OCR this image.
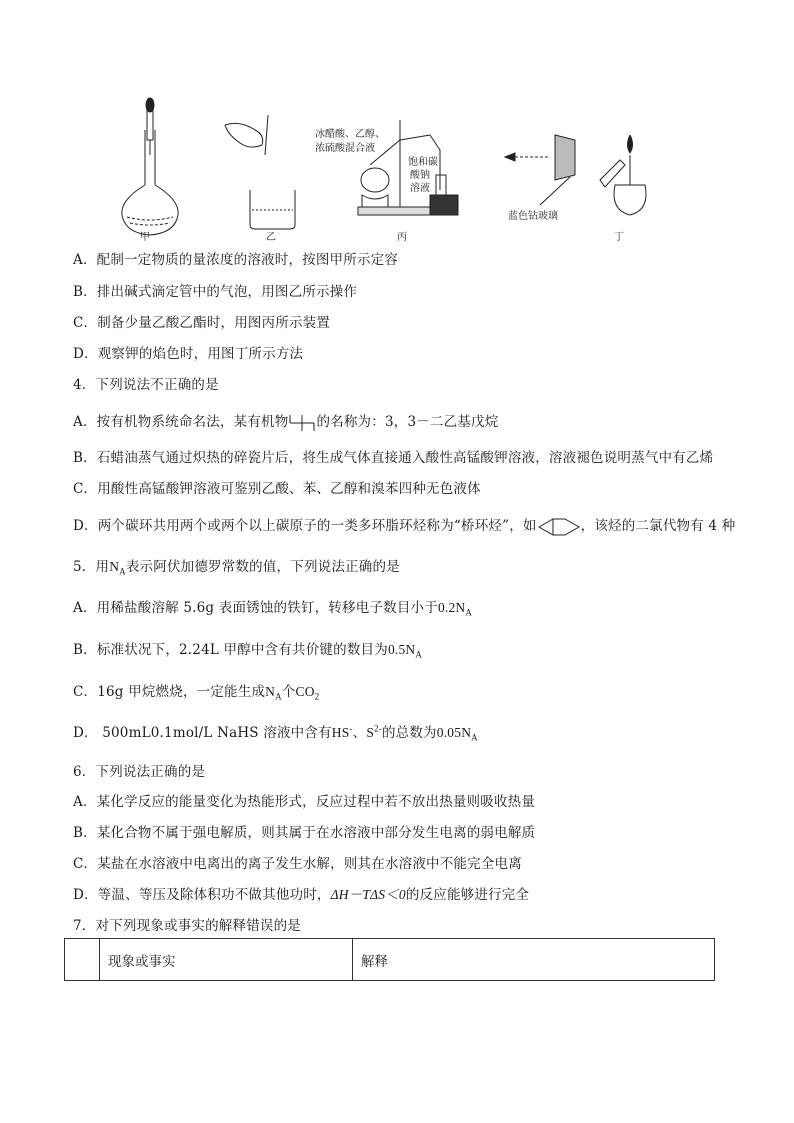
甲	乙	丙	丁
冰醋酸、乙醇、
浓硫酸混合液
饱和碳
酸钠
溶液
蓝色钴玻璃
A．配制一定物质的量浓度的溶液时，按图甲所示定容
B．排出碱式滴定管中的气泡，用图乙所示操作
C．制备少量乙酸乙酯时，用图丙所示装置
D．观察钾的焰色时，用图丁所示方法
4．下列说法不正确的是
A．按有机物系统命名法，某有机物 的名称为：3，3－二乙基戊烷
B．石蜡油蒸气通过炽热的碎瓷片后，将生成气体直接通入酸性高锰酸钾溶液，溶液褪色说明蒸气中有乙烯
C．用酸性高锰酸钾溶液可鉴别乙酸、苯、乙醇和溴苯四种无色液体
D．两个碳环共用两个或两个以上碳原子的一类多环脂环烃称为“桥环烃”，如	，该烃的二氯代物有 4 种
5．用$N_A$表示阿伏加德罗常数的值，下列说法正确的是
A．用稀盐酸溶解 5.6g 表面锈蚀的铁钉，转移电子数目小于$0.2N_A$
B．标准状况下，2.24L 甲醇中含有共价键的数目为$0.5N_A$
C．16g 甲烷燃烧，一定能生成$N_A$个$CO_2$
D． 500mL0.1mol/L NaHS 溶液中含有HS-、$S^{2-}$的总数为$0.05N_A$
6．下列说法正确的是
A．某化学反应的能量变化为热能形式，反应过程中若不放出热量则吸收热量
B．某化合物不属于强电解质，则其属于在水溶液中部分发生电离的弱电解质
C．某盐在水溶液中电离出的离子发生水解，则其在水溶液中不能完全电离
D．等温、等压及除体积功不做其他功时，ΔH－TΔS＜0的反应能够进行完全
7．对下列现象或事实的解释错误的是
	现象或事实	解释
